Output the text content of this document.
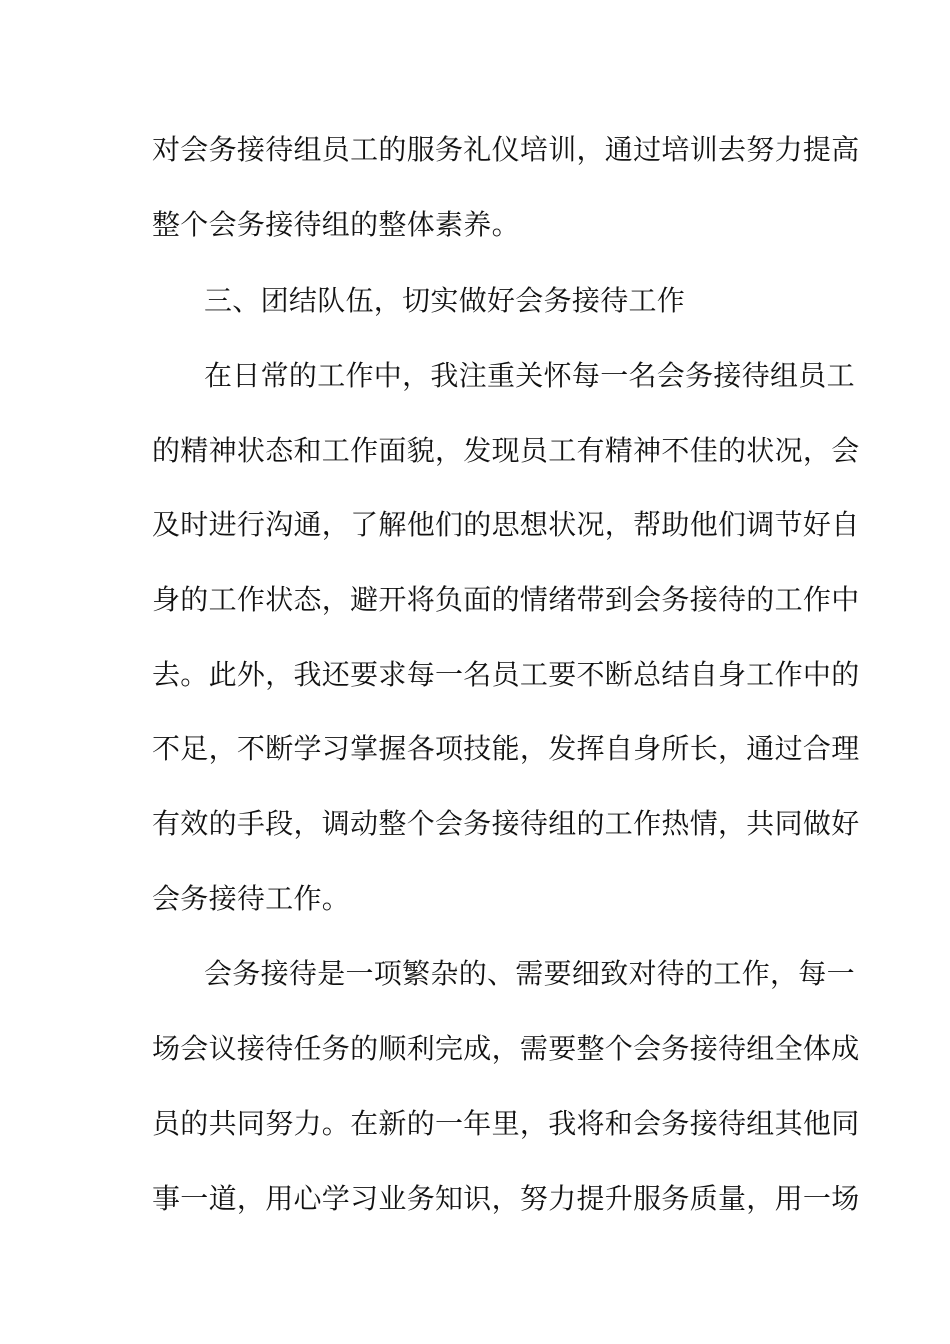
对会务接待组员工的服务礼仪培训，通过培训去努力提高
整个会务接待组的整体素养。
三、团结队伍，切实做好会务接待工作
在日常的工作中，我注重关怀每一名会务接待组员工
的精神状态和工作面貌，发现员工有精神不佳的状况，会
及时进行沟通，了解他们的思想状况，帮助他们调节好自
身的工作状态，避开将负面的情绪带到会务接待的工作中
去。此外，我还要求每一名员工要不断总结自身工作中的
不足，不断学习掌握各项技能，发挥自身所长，通过合理
有效的手段，调动整个会务接待组的工作热情，共同做好
会务接待工作。
会务接待是一项繁杂的、需要细致对待的工作，每一
场会议接待任务的顺利完成，需要整个会务接待组全体成
员的共同努力。在新的一年里，我将和会务接待组其他同
事一道，用心学习业务知识，努力提升服务质量，用一场
